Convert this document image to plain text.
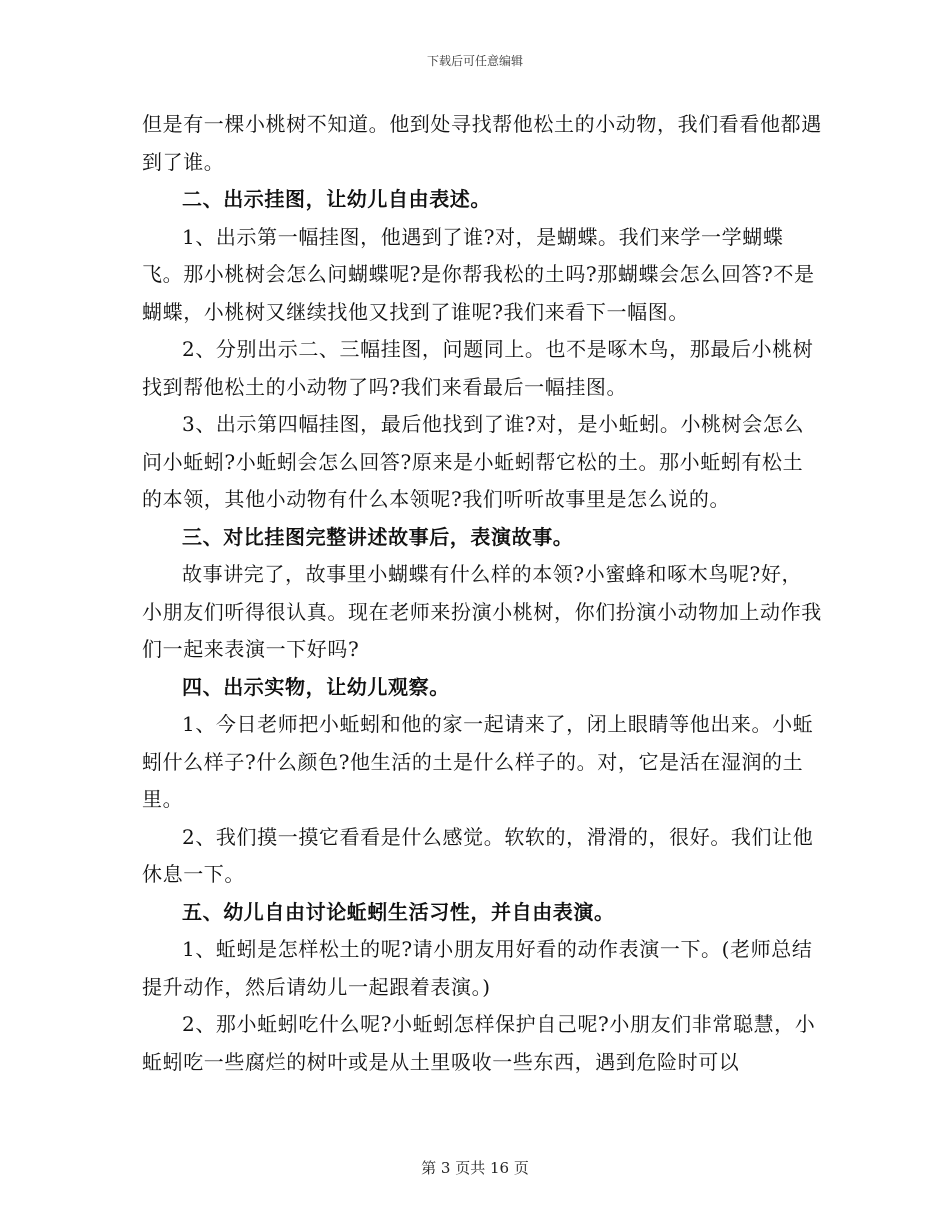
下载后可任意编辑

但是有一棵小桃树不知道。他到处寻找帮他松土的小动物，我们看看他都遇到了谁。

二、出示挂图，让幼儿自由表述。

1、出示第一幅挂图，他遇到了谁?对，是蝴蝶。我们来学一学蝴蝶飞。那小桃树会怎么问蝴蝶呢?是你帮我松的土吗?那蝴蝶会怎么回答?不是蝴蝶，小桃树又继续找他又找到了谁呢?我们来看下一幅图。

2、分别出示二、三幅挂图，问题同上。也不是啄木鸟，那最后小桃树找到帮他松土的小动物了吗?我们来看最后一幅挂图。

3、出示第四幅挂图，最后他找到了谁?对，是小蚯蚓。小桃树会怎么问小蚯蚓?小蚯蚓会怎么回答?原来是小蚯蚓帮它松的土。那小蚯蚓有松土的本领，其他小动物有什么本领呢?我们听听故事里是怎么说的。

三、对比挂图完整讲述故事后，表演故事。

故事讲完了，故事里小蝴蝶有什么样的本领?小蜜蜂和啄木鸟呢?好，小朋友们听得很认真。现在老师来扮演小桃树，你们扮演小动物加上动作我们一起来表演一下好吗?

四、出示实物，让幼儿观察。

1、今日老师把小蚯蚓和他的家一起请来了，闭上眼睛等他出来。小蚯蚓什么样子?什么颜色?他生活的土是什么样子的。对，它是活在湿润的土里。

2、我们摸一摸它看看是什么感觉。软软的，滑滑的，很好。我们让他休息一下。

五、幼儿自由讨论蚯蚓生活习性，并自由表演。

1、蚯蚓是怎样松土的呢?请小朋友用好看的动作表演一下。(老师总结提升动作，然后请幼儿一起跟着表演。)

2、那小蚯蚓吃什么呢?小蚯蚓怎样保护自己呢?小朋友们非常聪慧，小蚯蚓吃一些腐烂的树叶或是从土里吸收一些东西，遇到危险时可以

第 3 页共 16 页
